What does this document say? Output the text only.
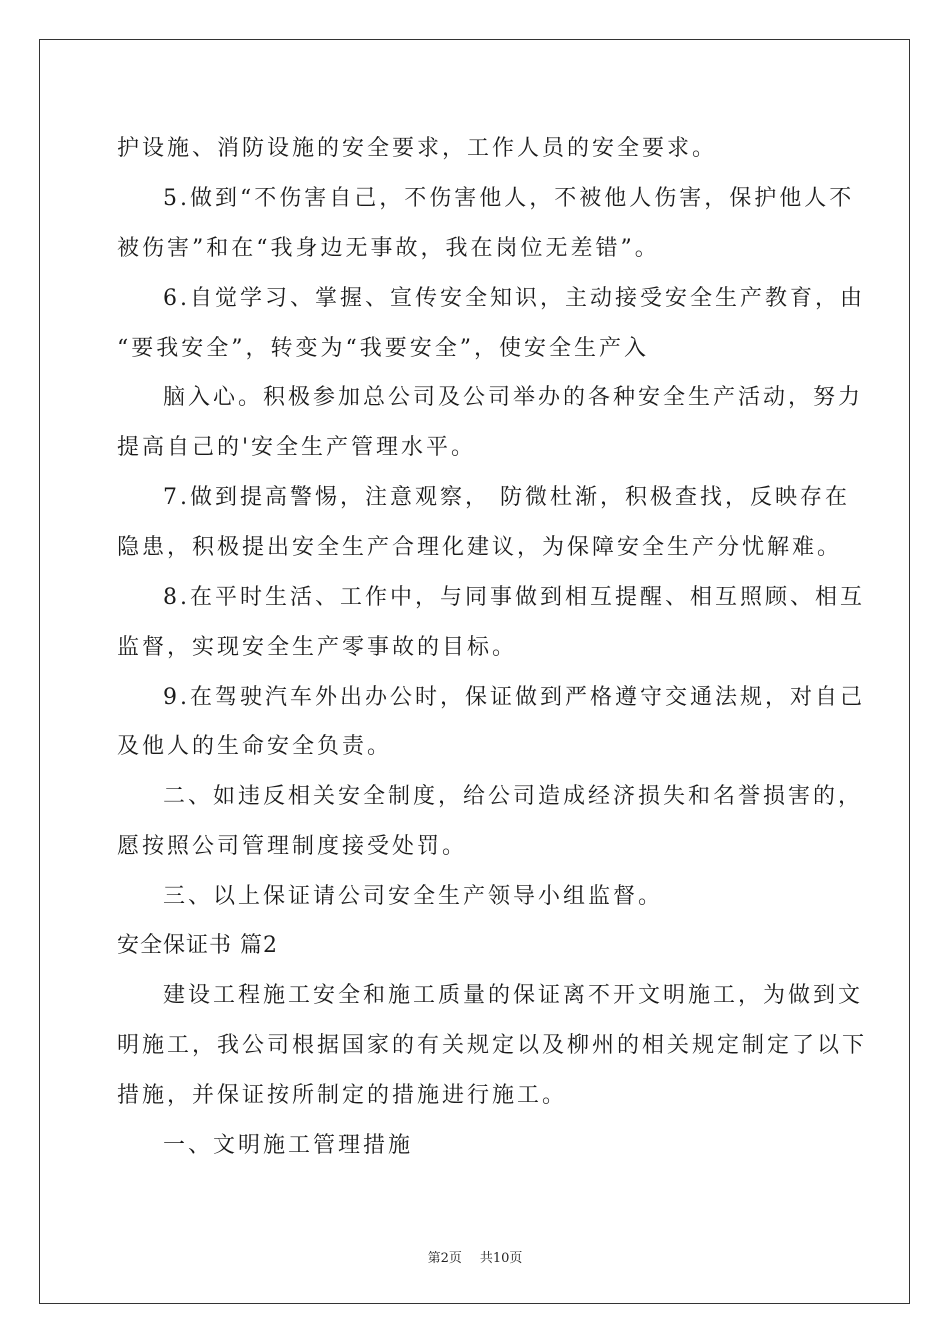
护设施、消防设施的安全要求，工作人员的安全要求。
5.做到“不伤害自己，不伤害他人，不被他人伤害，保护他人不
被伤害”和在“我身边无事故，我在岗位无差错”。
6.自觉学习、掌握、宣传安全知识，主动接受安全生产教育，由
“要我安全”，转变为“我要安全”，使安全生产入
脑入心。积极参加总公司及公司举办的各种安全生产活动，努力
提高自己的'安全生产管理水平。
7.做到提高警惕，注意观察， 防微杜渐，积极查找，反映存在
隐患，积极提出安全生产合理化建议，为保障安全生产分忧解难。
8.在平时生活、工作中，与同事做到相互提醒、相互照顾、相互
监督，实现安全生产零事故的目标。
9.在驾驶汽车外出办公时，保证做到严格遵守交通法规，对自己
及他人的生命安全负责。
二、如违反相关安全制度，给公司造成经济损失和名誉损害的，
愿按照公司管理制度接受处罚。
三、以上保证请公司安全生产领导小组监督。
安全保证书 篇2
建设工程施工安全和施工质量的保证离不开文明施工，为做到文
明施工，我公司根据国家的有关规定以及柳州的相关规定制定了以下
措施，并保证按所制定的措施进行施工。
一、文明施工管理措施
第2页 共10页
